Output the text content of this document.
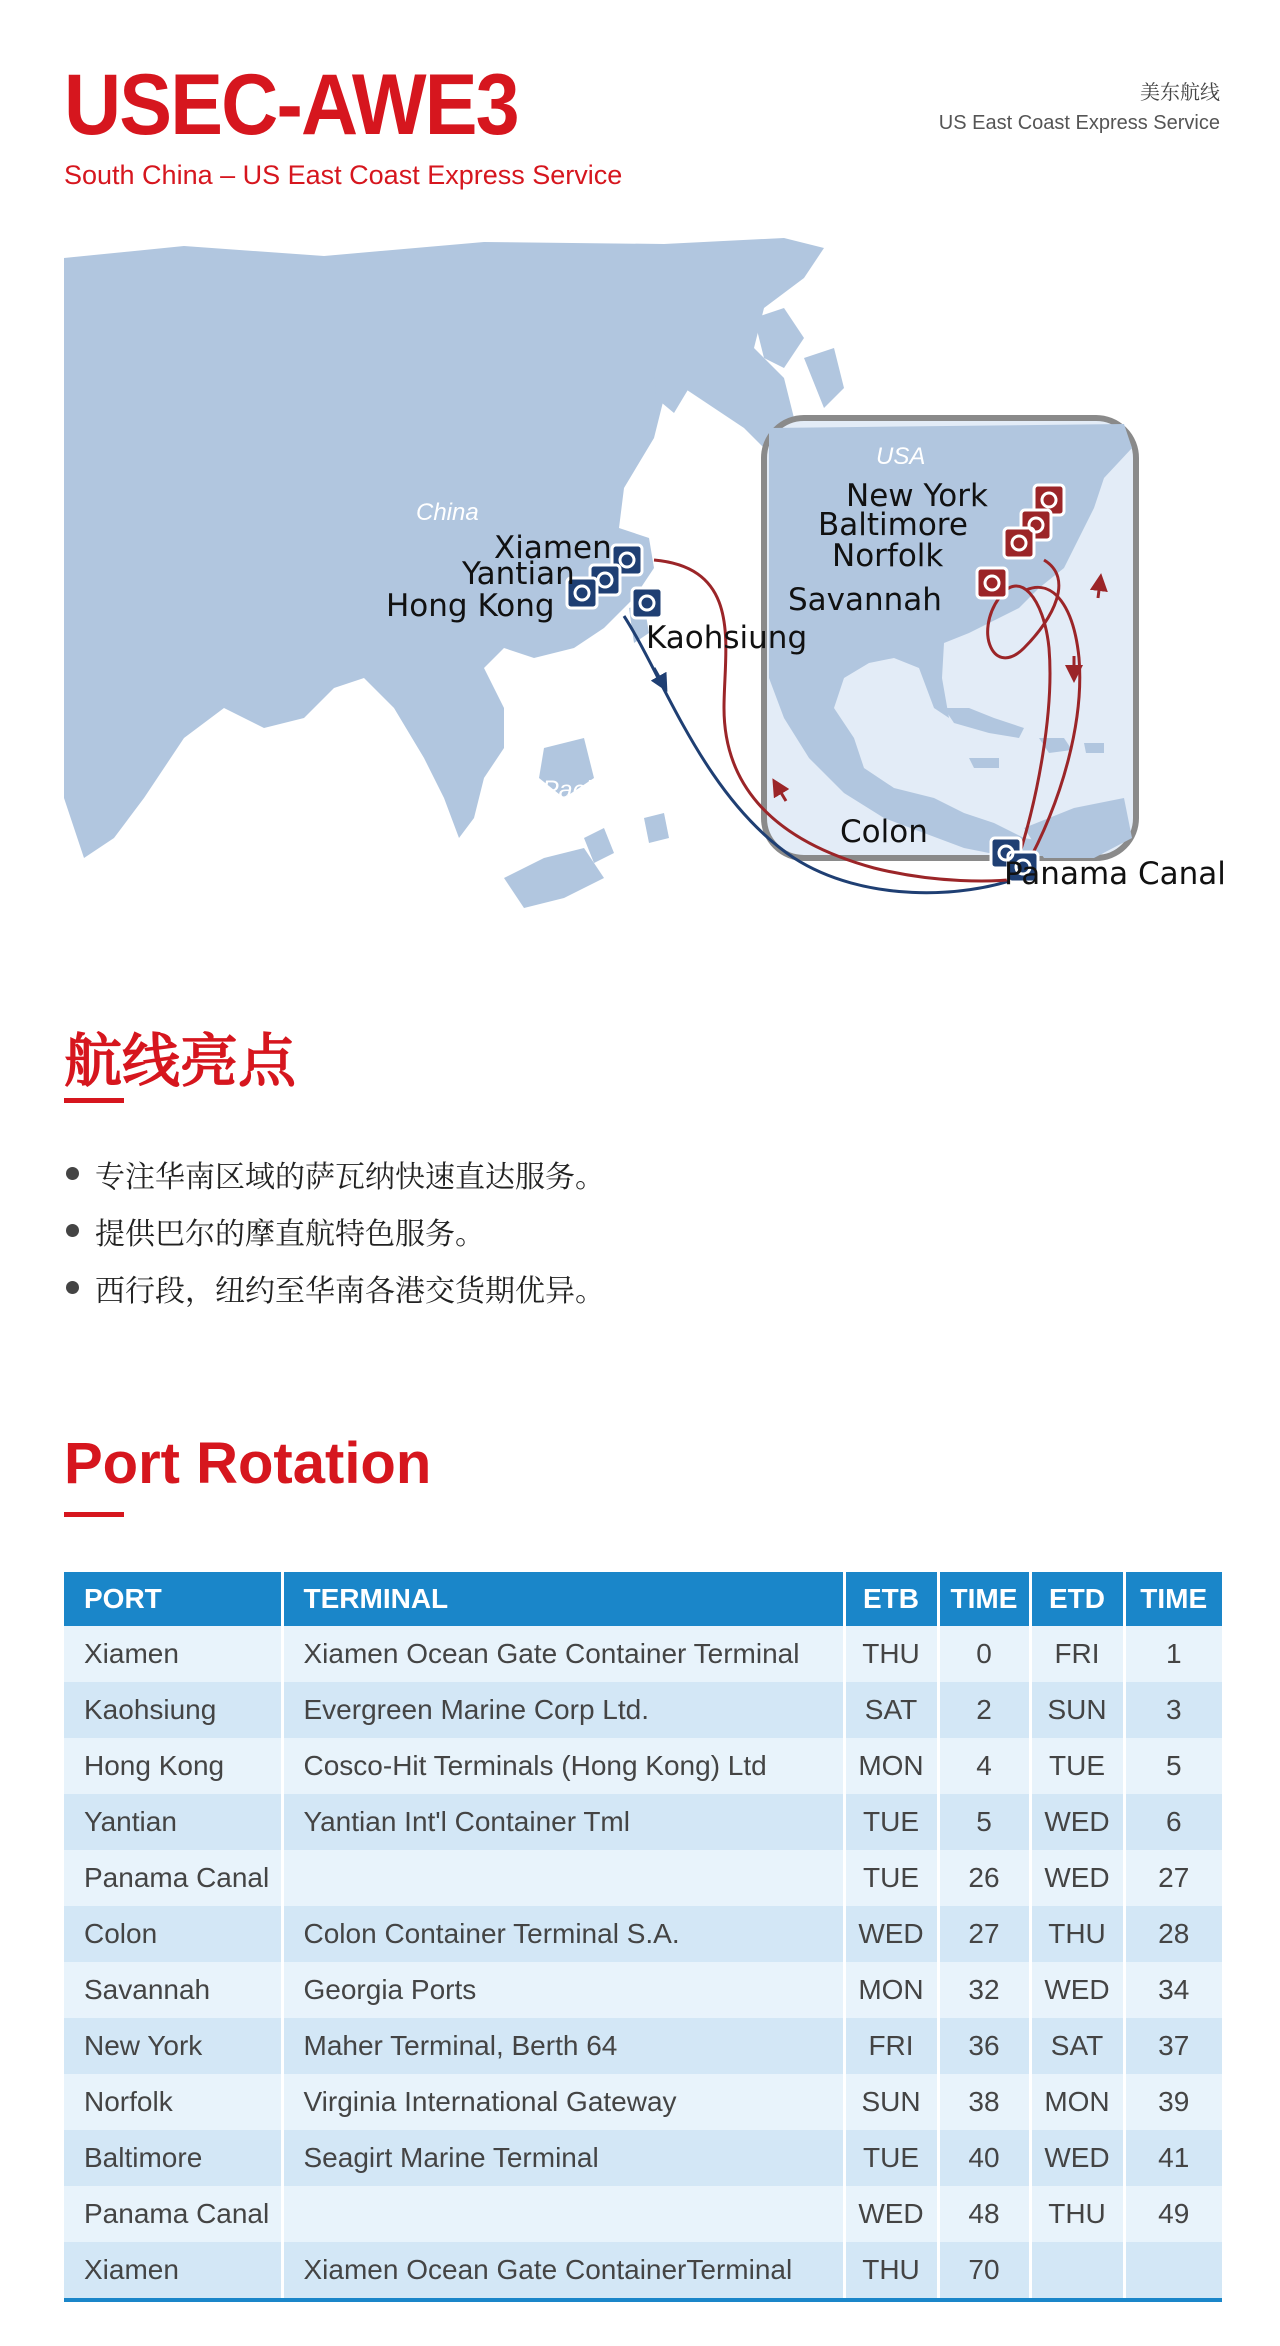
USEC-AWE3
South China – US East Coast Express Service
美东航线
US East Coast Express Service
China
USA
Pacific Ocean
Xiamen
Yantian
Hong Kong
Kaohsiung
New York
Baltimore
Norfolk
Savannah
Colon
Panama Canal
航线亮点
专注华南区域的萨瓦纳快速直达服务。
提供巴尔的摩直航特色服务。
西行段，纽约至华南各港交货期优异。
Port Rotation
PORT	TERMINAL	ETB	TIME	ETD	TIME
Xiamen	Xiamen Ocean Gate Container Terminal	THU	0	FRI	1
Kaohsiung	Evergreen Marine Corp Ltd.	SAT	2	SUN	3
Hong Kong	Cosco-Hit Terminals (Hong Kong) Ltd	MON	4	TUE	5
Yantian	Yantian Int'l Container Tml	TUE	5	WED	6
Panama Canal		TUE	26	WED	27
Colon	Colon Container Terminal S.A.	WED	27	THU	28
Savannah	Georgia Ports	MON	32	WED	34
New York	Maher Terminal, Berth 64	FRI	36	SAT	37
Norfolk	Virginia International Gateway	SUN	38	MON	39
Baltimore	Seagirt Marine Terminal	TUE	40	WED	41
Panama Canal		WED	48	THU	49
Xiamen	Xiamen Ocean Gate ContainerTerminal	THU	70		
